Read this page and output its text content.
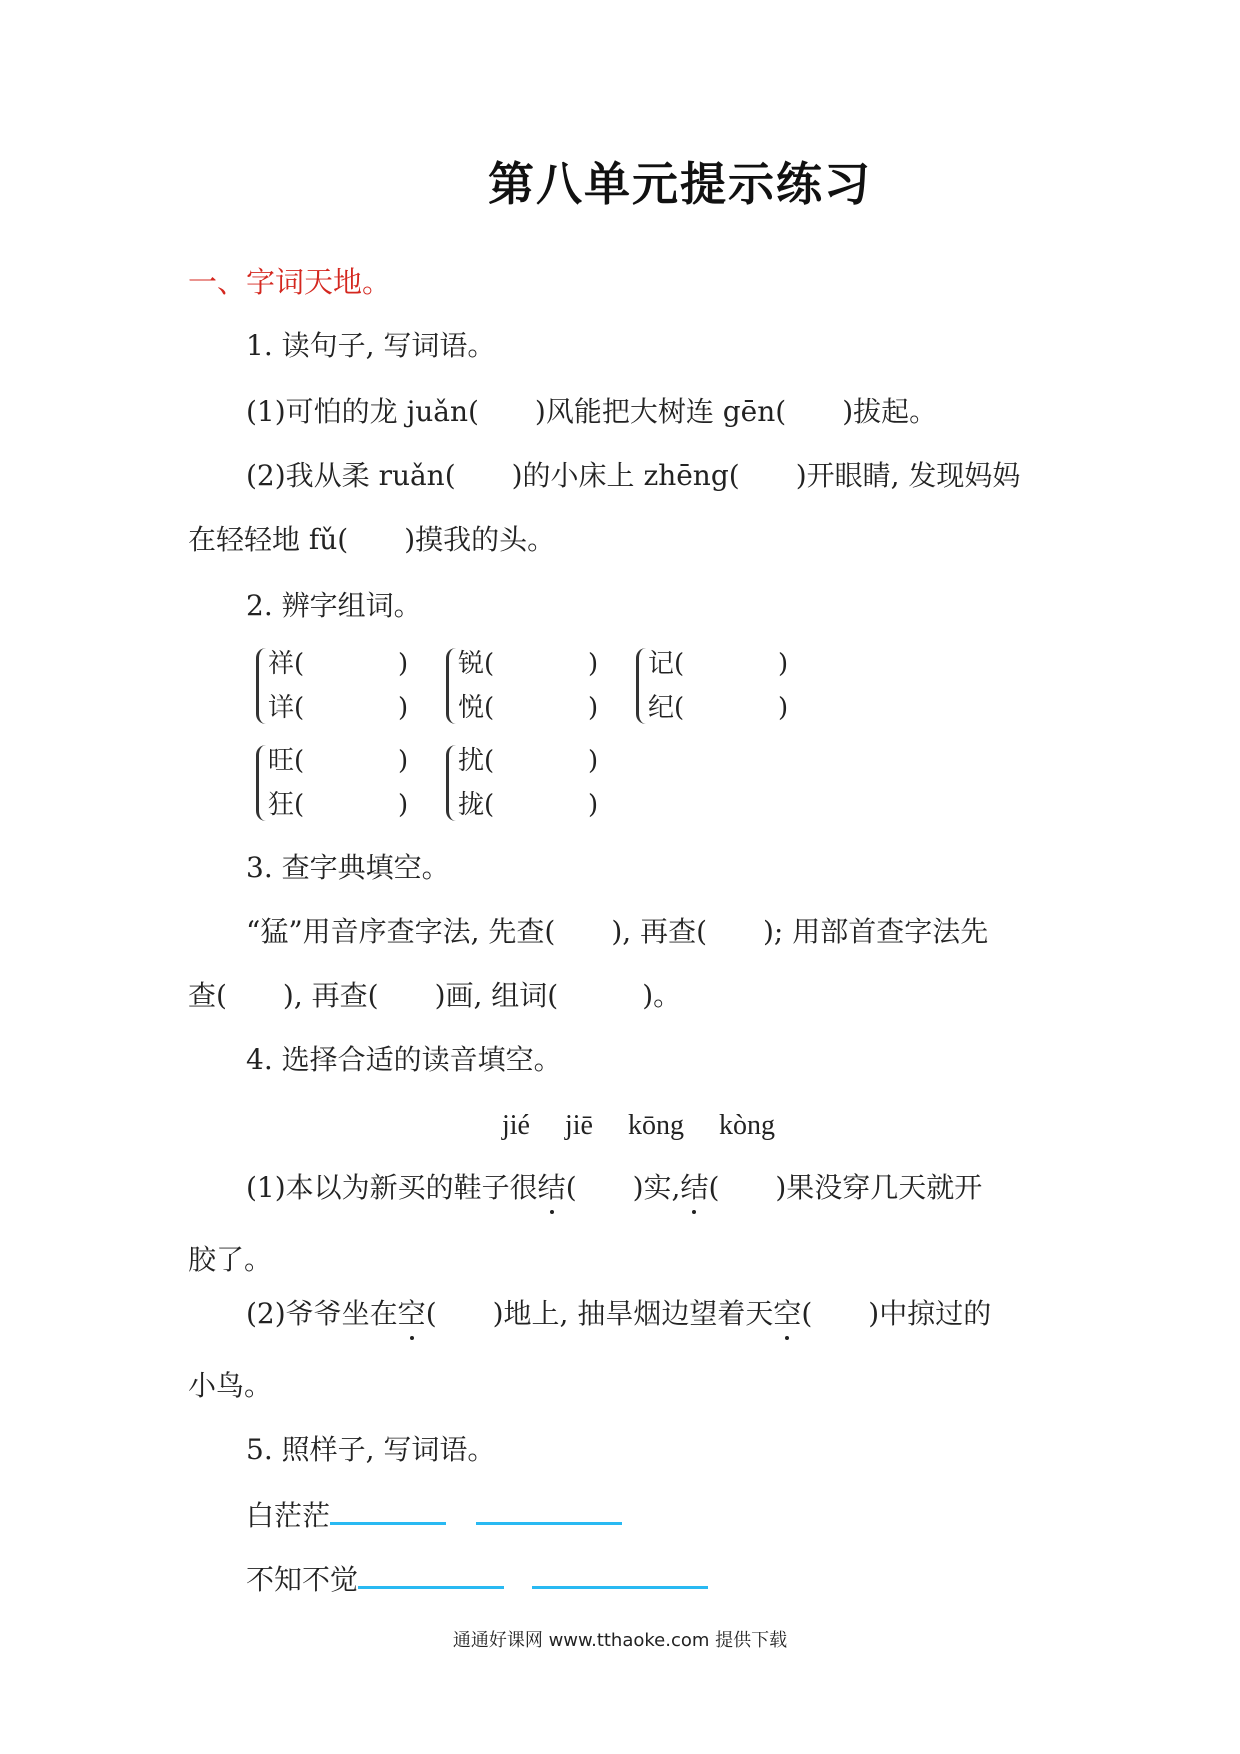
第八单元提示练习
一、字词天地。
1. 读句子, 写词语。
(1)可怕的龙 juǎn(　　)风能把大树连 gēn(　　)拔起。
(2)我从柔 ruǎn(　　)的小床上 zhēng(　　)开眼睛, 发现妈妈
在轻轻地 fǔ(　　)摸我的头。
2. 辨字组词。
祥(
详(
)
)
锐(
悦(
)
)
记(
纪(
)
)
旺(
狂(
)
)
扰(
拢(
)
)
3. 查字典填空。
“猛”用音序查字法, 先查(　　), 再查(　　); 用部首查字法先
查(　　), 再查(　　)画, 组词(　　　)。
4. 选择合适的读音填空。
jié　 jiē　 kōng　 kòng
(1)本以为新买的鞋子很结(　　)实,结(　　)果没穿几天就开
胶了。
(2)爷爷坐在空(　　)地上, 抽旱烟边望着天空(　　)中掠过的
小鸟。
5. 照样子, 写词语。
白茫茫
不知不觉
通通好课网 www.tthaoke.com 提供下载
